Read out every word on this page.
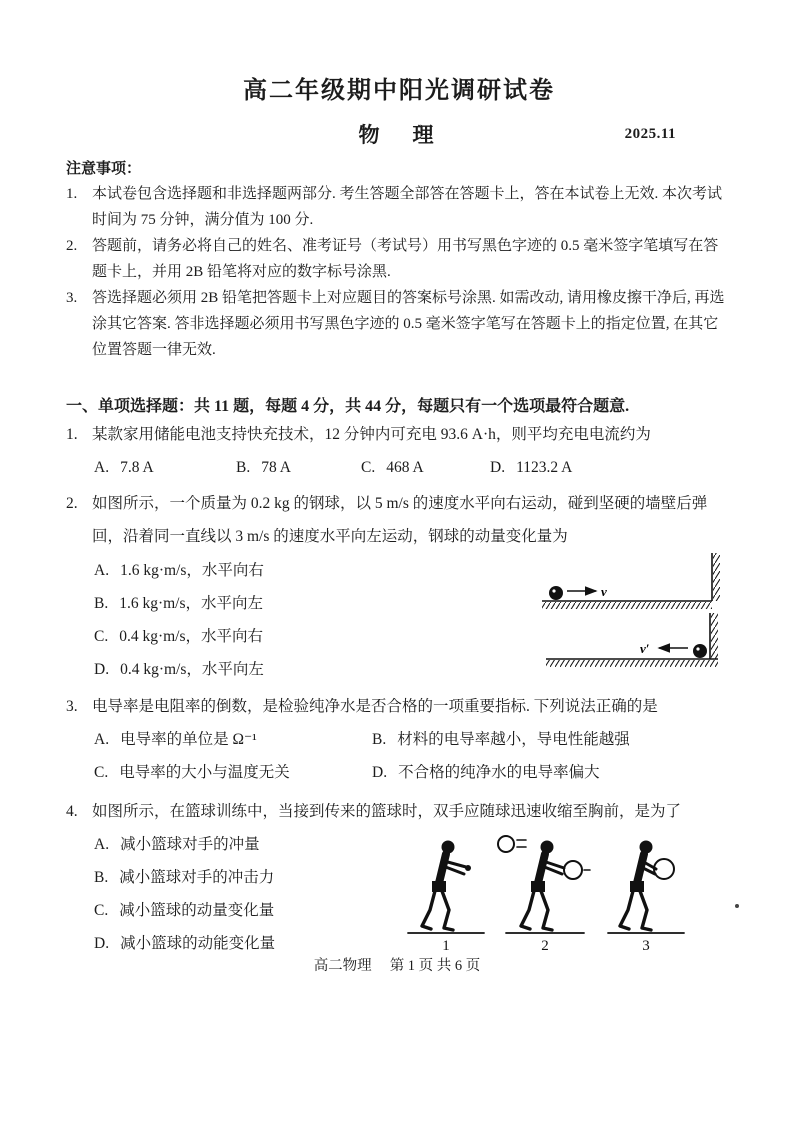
高二年级期中阳光调研试卷
物　理	2025.11
注意事项：
1. 本试卷包含选择题和非选择题两部分. 考生答题全部答在答题卡上，答在本试卷上无效. 本次考试时间为 75 分钟，满分值为 100 分.
2. 答题前，请务必将自己的姓名、准考证号（考试号）用书写黑色字迹的 0.5 毫米签字笔填写在答题卡上，并用 2B 铅笔将对应的数字标号涂黑.
3. 答选择题必须用 2B 铅笔把答题卡上对应题目的答案标号涂黑. 如需改动, 请用橡皮擦干净后, 再选涂其它答案. 答非选择题必须用书写黑色字迹的 0.5 毫米签字笔写在答题卡上的指定位置, 在其它位置答题一律无效.
一、单项选择题：共 11 题，每题 4 分，共 44 分，每题只有一个选项最符合题意.
1. 某款家用储能电池支持快充技术，12 分钟内可充电 93.6 A·h，则平均充电电流约为
A. 7.8 A	B. 78 A	C. 468 A	D. 1123.2 A
2. 如图所示，一个质量为 0.2 kg 的钢球，以 5 m/s 的速度水平向右运动，碰到坚硬的墙壁后弹回，沿着同一直线以 3 m/s 的速度水平向左运动，钢球的动量变化量为
A. 1.6 kg·m/s，水平向右
B. 1.6 kg·m/s，水平向左
C. 0.4 kg·m/s，水平向右
D. 0.4 kg·m/s，水平向左
v
v′
3. 电导率是电阻率的倒数，是检验纯净水是否合格的一项重要指标. 下列说法正确的是
A. 电导率的单位是 Ω⁻¹	B. 材料的电导率越小，导电性能越强
C. 电导率的大小与温度无关	D. 不合格的纯净水的电导率偏大
4. 如图所示，在篮球训练中，当接到传来的篮球时，双手应随球迅速收缩至胸前，是为了
A. 减小篮球对手的冲量
B. 减小篮球对手的冲击力
C. 减小篮球的动量变化量
D. 减小篮球的动能变化量	1	2	3
高二物理 第 1 页 共 6 页
